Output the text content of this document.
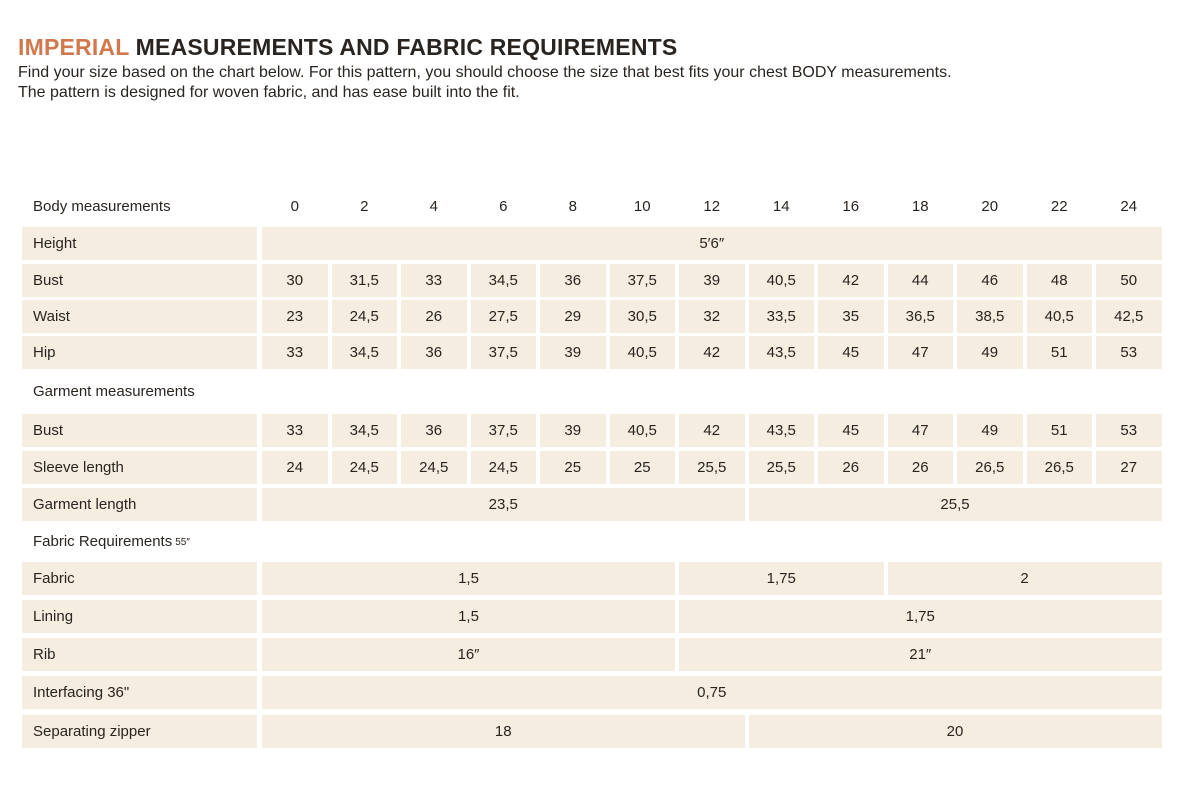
IMPERIAL MEASUREMENTS AND FABRIC REQUIREMENTS
Find your size based on the chart below. For this pattern, you should choose the size that best fits your chest BODY measurements.
The pattern is designed for woven fabric, and has ease built into the fit.
Body measurements	0	2	4	6	8	10	12	14	16	18	20	22	24
Height	5′6″
Bust	30	31,5	33	34,5	36	37,5	39	40,5	42	44	46	48	50
Waist	23	24,5	26	27,5	29	30,5	32	33,5	35	36,5	38,5	40,5	42,5
Hip	33	34,5	36	37,5	39	40,5	42	43,5	45	47	49	51	53
Garment measurements
Bust	33	34,5	36	37,5	39	40,5	42	43,5	45	47	49	51	53
Sleeve length	24	24,5	24,5	24,5	25	25	25,5	25,5	26	26	26,5	26,5	27
Garment length	23,5	25,5
Fabric Requirements 55″
Fabric	1,5	1,75	2
Lining	1,5	1,75
Rib	16″	21″
Interfacing 36"	0,75
Separating zipper	18	20
